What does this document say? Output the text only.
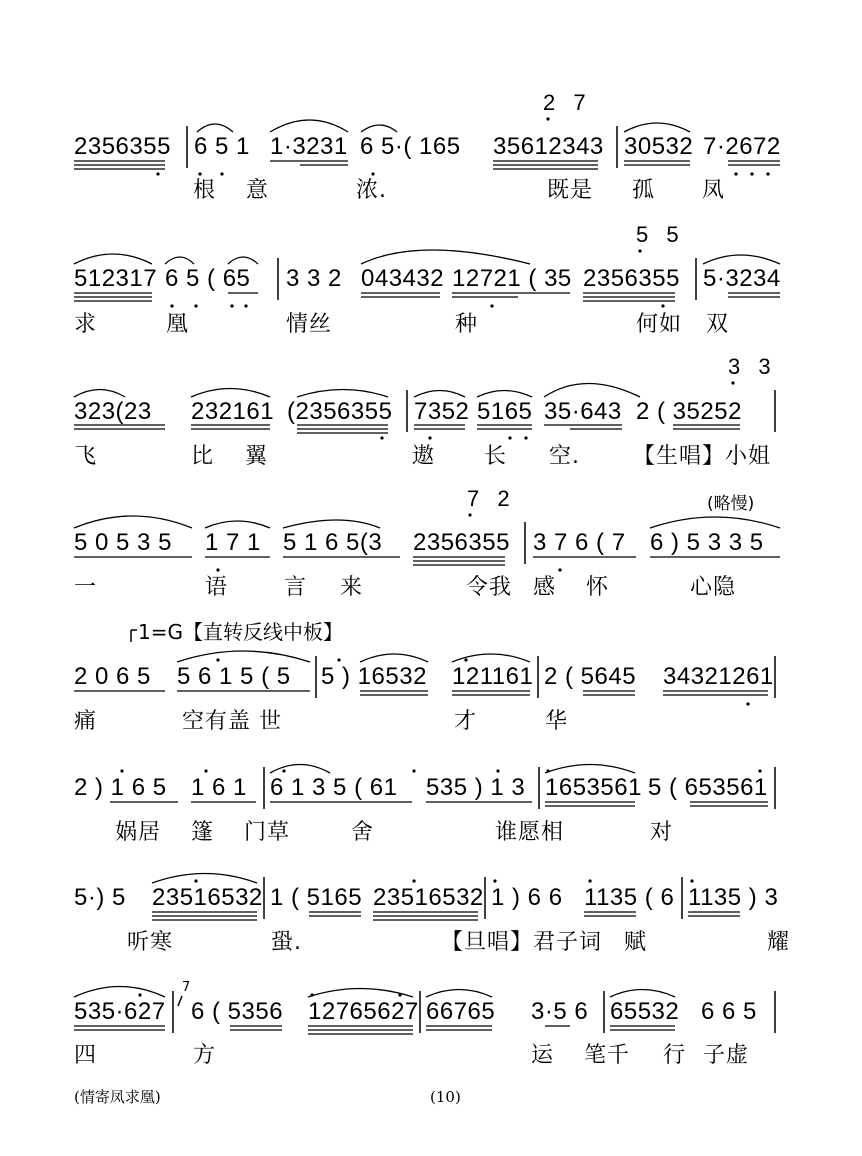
2 7
2356355 6 5 1 1·3231 6 5·( 165 35612343 30532 7·2672
根 意	浓.	既是 孤 凤
5 5
512317 6 5 ( 65 3 3 2 043432 12721 ( 35 2356355 5·3234
求	凰	情丝	种	何如 双
3 3
323(23 232161 (2356355 7352 5165 35·643 2 ( 35252
飞	比 翼	遨 长 空. 【生唱】小姐
7 2	(略慢)
5 0 5 3 5 1 7 1 5 1 6 5(3 2356355 3 7 6 ( 7 6 ) 5 3 3 5
一	语	言 来	令我 感 怀	心隐
1=G【直转反线中板】
2 0 6 5 5 6 1 5 ( 5 5 ) 16532 121161 2 ( 5645 34321261
痛	空有盖 世	才	华
2 ) 1 6 5 1 6 1 6 1 3 5 ( 61 535 ) 1 3 1653561 5 ( 653561
娲居 篷 门草	舍	谁愿相	对
5·) 5 23516532 1 ( 5165 23516532 1 ) 6 6 1135 ( 6 1135 ) 3
听寒	蛩.	【旦唱】君子词 赋	耀
7
535·627 6 ( 5356 12765627 66765 3·5 6 65532 6 6 5
四	方	运 笔千 行 子虚
(情寄凤求凰)	(10)
